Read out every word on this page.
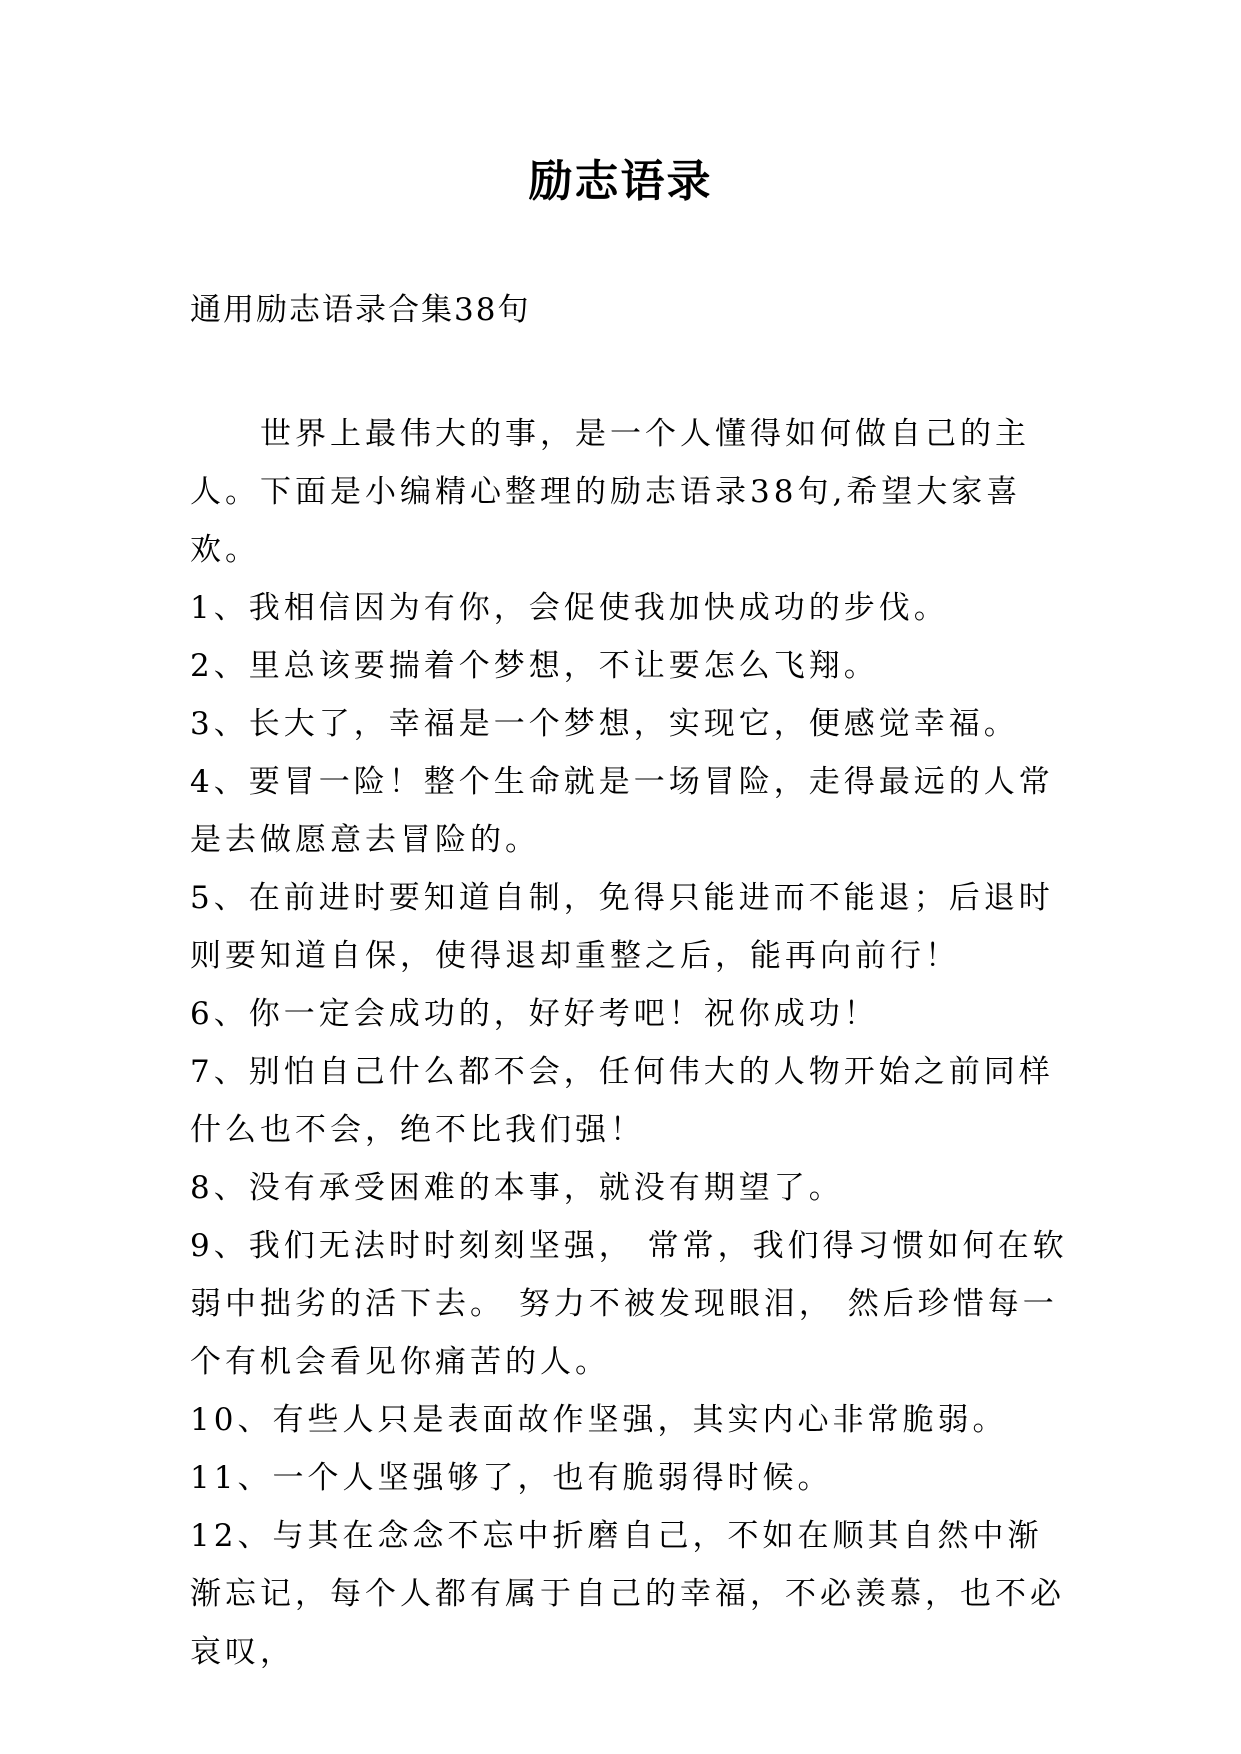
励志语录
通用励志语录合集38句

世界上最伟大的事，是一个人懂得如何做自己的主人。下面是小编精心整理的励志语录38句,希望大家喜欢。

1、我相信因为有你，会促使我加快成功的步伐。

2、里总该要揣着个梦想，不让要怎么飞翔。

3、长大了，幸福是一个梦想，实现它，便感觉幸福。

4、要冒一险！整个生命就是一场冒险，走得最远的人常是去做愿意去冒险的。

5、在前进时要知道自制，免得只能进而不能退；后退时则要知道自保，使得退却重整之后，能再向前行！

6、你一定会成功的，好好考吧！祝你成功！

7、别怕自己什么都不会，任何伟大的人物开始之前同样什么也不会，绝不比我们强！

8、没有承受困难的本事，就没有期望了。

9、我们无法时时刻刻坚强， 常常，我们得习惯如何在软弱中拙劣的活下去。 努力不被发现眼泪， 然后珍惜每一个有机会看见你痛苦的人。

10、有些人只是表面故作坚强，其实内心非常脆弱。

11、一个人坚强够了，也有脆弱得时候。

12、与其在念念不忘中折磨自己，不如在顺其自然中渐渐忘记，每个人都有属于自己的幸福，不必羡慕，也不必哀叹，
